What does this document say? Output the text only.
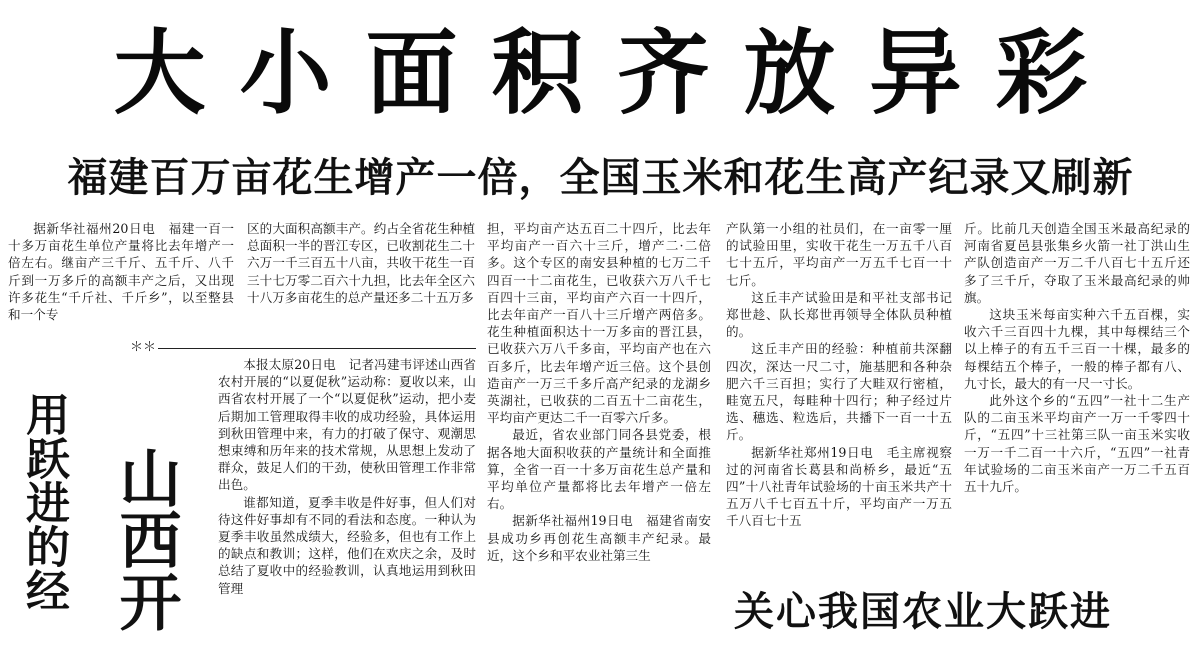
大小面积齐放异彩
福建百万亩花生增产一倍，全国玉米和花生高产纪录又刷新

据新华社福州20日电　福建一百一十多万亩花生单位产量将比去年增产一倍左右。继亩产三千斤、五千斤、八千斤到一万多斤的高额丰产之后，又出现许多花生“千斤社、千斤乡”，以至整县和一个专

区的大面积高额丰产。约占全省花生种植总面积一半的晋江专区，已收割花生二十六万一千三百五十八亩，共收干花生一百三十七万零二百六十九担，比去年全区六十八万多亩花生的总产量还多二十五万多

＊＊
用跃进的经 山西开

本报太原20日电　记者冯建韦评述山西省农村开展的“以夏促秋”运动称：夏收以来，山西省农村开展了一个“以夏促秋”运动，把小麦后期加工管理取得丰收的成功经验，具体运用到秋田管理中来，有力的打破了保守、观潮思想束缚和历年来的技术常规，从思想上发动了群众，鼓足人们的干劲，使秋田管理工作非常出色。

谁都知道，夏季丰收是件好事，但人们对待这件好事却有不同的看法和态度。一种认为夏季丰收虽然成绩大，经验多，但也有工作上的缺点和教训；这样，他们在欢庆之余，及时总结了夏收中的经验教训，认真地运用到秋田管理

担，平均亩产达五百二十四斤，比去年平均亩产一百六十三斤，增产二·二倍多。这个专区的南安县种植的七万二千四百一十二亩花生，已收获六万八千七百四十三亩，平均亩产六百一十四斤，比去年亩产一百八十三斤增产两倍多。花生种植面积达十一万多亩的晋江县，已收获六万八千多亩，平均亩产也在六百多斤，比去年增产近三倍。这个县创造亩产一万三千多斤高产纪录的龙湖乡英湖社，已收获的二百五十二亩花生，平均亩产更达二千一百零六斤多。

最近，省农业部门同各县党委，根据各地大面积收获的产量统计和全面推算，全省一百一十多万亩花生总产量和平均单位产量都将比去年增产一倍左右。

据新华社福州19日电　福建省南安县成功乡再创花生高额丰产纪录。最近，这个乡和平农业社第三生

产队第一小组的社员们，在一亩零一厘的试验田里，实收干花生一万五千八百七十五斤，平均亩产一万五千七百一十七斤。

这丘丰产试验田是和平社支部书记郑世趁、队长郑世再领导全体队员种植的。

这丘丰产田的经验：种植前共深翻四次，深达一尺二寸，施基肥和各种杂肥六千三百担；实行了大畦双行密植，畦宽五尺，每畦种十四行；种子经过片选、穗选、粒选后，共播下一百一十五斤。

据新华社郑州19日电　毛主席视察过的河南省长葛县和尚桥乡，最近“五四”十八社青年试验场的十亩玉米共产十五万八千七百五十斤，平均亩产一万五千八百七十五

斤。比前几天创造全国玉米最高纪录的河南省夏邑县张集乡火箭一社丁洪山生产队创造亩产一万二千八百七十五斤还多了三千斤，夺取了玉米最高纪录的帅旗。

这块玉米每亩实种六千五百棵，实收六千三百四十九棵，其中每棵结三个以上棒子的有五千三百一十棵，最多的每棵结五个棒子，一般的棒子都有八、九寸长，最大的有一尺一寸长。

此外这个乡的“五四”一社十二生产队的二亩玉米平均亩产一万一千零四十斤，“五四”十三社第三队一亩玉米实收一万一千二百一十六斤，“五四”一社青年试验场的二亩玉米亩产一万二千五百五十九斤。

关心我国农业大跃进
